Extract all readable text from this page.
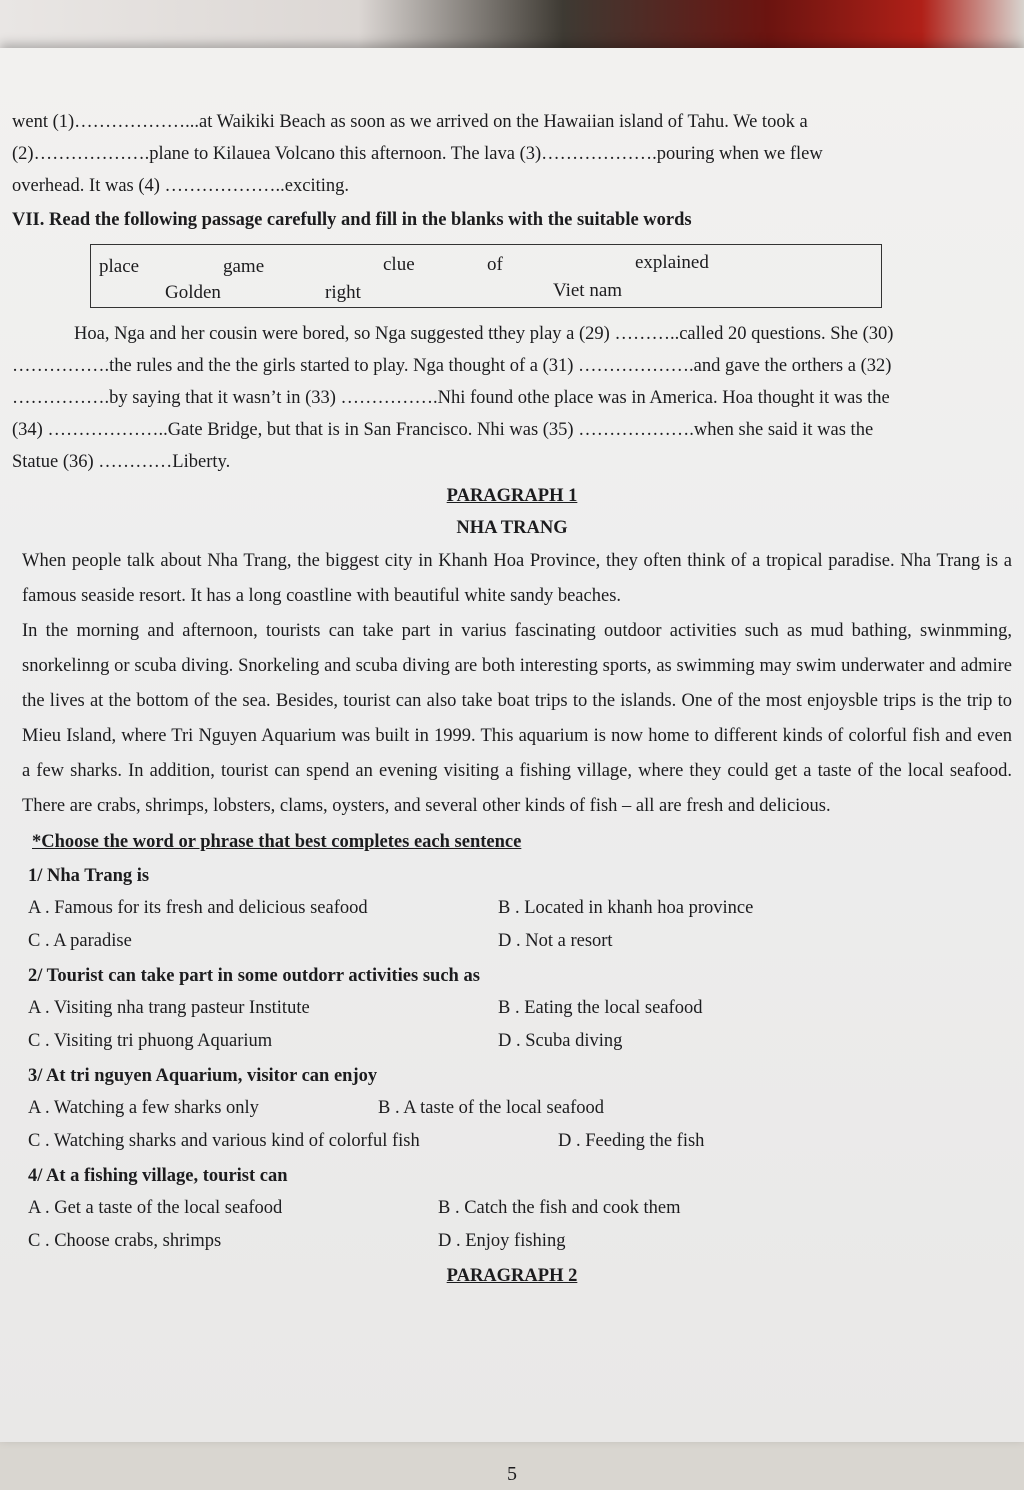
went (1)………………...at Waikiki Beach as soon as we arrived on the Hawaiian island of Tahu. We took a

(2)……………….plane to Kilauea Volcano this afternoon. The lava (3)……………….pouring when we flew

overhead. It was (4) ………………..exciting.

VII. Read the following passage carefully and fill in the blanks with the suitable words

place	game	clue	of	explained
Golden	right	Viet nam

Hoa, Nga and her cousin were bored, so Nga suggested tthey play a (29) ………..called 20 questions. She (30)

…………….the rules and the the girls started to play. Nga thought of a (31) ……………….and gave the orthers a (32)

…………….by saying that it wasn’t in (33) …………….Nhi found othe place was in America. Hoa thought it was the

(34) ………………..Gate Bridge, but that is in San Francisco. Nhi was (35) ……………….when she said it was the

Statue (36) …………Liberty.

PARAGRAPH 1

NHA TRANG

When people talk about Nha Trang, the biggest city in Khanh Hoa Province, they often think of a tropical paradise. Nha Trang is a famous seaside resort. It has a long coastline with beautiful white sandy beaches.

In the morning and afternoon, tourists can take part in varius fascinating outdoor activities such as mud bathing, swinmming, snorkelinng or scuba diving. Snorkeling and scuba diving are both interesting sports, as swimming may swim underwater and admire the lives at the bottom of the sea. Besides, tourist can also take boat trips to the islands. One of the most enjoysble trips is the trip to Mieu Island, where Tri Nguyen Aquarium was built in 1999. This aquarium is now home to different kinds of colorful fish and even a few sharks. In addition, tourist can spend an evening visiting a fishing village, where they could get a taste of the local seafood. There are crabs, shrimps, lobsters, clams, oysters, and several other kinds of fish – all are fresh and delicious.

*Choose the word or phrase that best completes each sentence

1/ Nha Trang is

A . Famous for its fresh and delicious seafood	B . Located in khanh hoa province
C . A paradise	D . Not a resort

2/ Tourist can take part in some outdorr activities such as

A . Visiting nha trang pasteur Institute	B . Eating the local seafood
C . Visiting tri phuong Aquarium	D . Scuba diving

3/ At tri nguyen Aquarium, visitor can enjoy

A . Watching a few sharks only	B . A taste of the local seafood
C . Watching sharks and various kind of colorful fish	D . Feeding the fish

4/ At a fishing village, tourist can

A . Get a taste of the local seafood	B . Catch the fish and cook them
C . Choose crabs, shrimps	D . Enjoy fishing

PARAGRAPH 2

5
